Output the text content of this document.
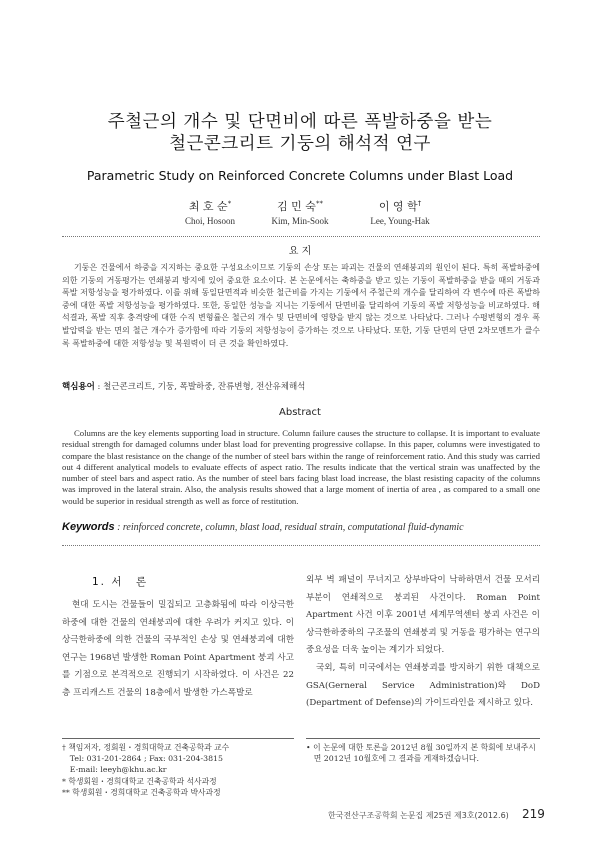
주철근의 개수 및 단면비에 따른 폭발하중을 받는
철근콘크리트 기둥의 해석적 연구
Parametric Study on Reinforced Concrete Columns under Blast Load
최 호 순*
Choi, Hosoon
김 민 숙**
Kim, Min-Sook
이 영 학†
Lee, Young-Hak
요 지
기둥은 건물에서 하중을 지지하는 중요한 구성요소이므로 기둥의 손상 또는 파괴는 건물의 연쇄붕괴의 원인이 된다. 특히 폭발하중에 의한 기둥의 거동평가는 연쇄붕괴 방지에 있어 중요한 요소이다. 본 논문에서는 축하중을 받고 있는 기둥이 폭발하중을 받을 때의 거동과 폭발 저항성능을 평가하였다. 이를 위해 동일단면적과 비슷한 철근비를 가지는 기둥에서 주철근의 개수를 달리하여 각 변수에 따른 폭발하중에 대한 폭발 저항성능을 평가하였다. 또한, 동일한 성능을 지니는 기둥에서 단면비를 달리하여 기둥의 폭발 저항성능을 비교하였다. 해석결과, 폭발 직후 충격량에 대한 수직 변형률은 철근의 개수 및 단면비에 영향을 받지 않는 것으로 나타났다. 그러나 수평변형의 경우 폭발압력을 받는 면의 철근 개수가 증가함에 따라 기둥의 저항성능이 증가하는 것으로 나타났다. 또한, 기둥 단면의 단면 2차모멘트가 클수록 폭발하중에 대한 저항성능 및 복원력이 더 큰 것을 확인하였다.
핵심용어 : 철근콘크리트, 기둥, 폭발하중, 잔류변형, 전산유체해석
Abstract
Columns are the key elements supporting load in structure. Column failure causes the structure to collapse. It is important to evaluate residual strength for damaged columns under blast load for preventing progressive collapse. In this paper, columns were investigated to compare the blast resistance on the change of the number of steel bars within the range of reinforcement ratio. And this study was carried out 4 different analytical models to evaluate effects of aspect ratio. The results indicate that the vertical strain was unaffected by the number of steel bars and aspect ratio. As the number of steel bars facing blast load increase, the blast resisting capacity of the columns was improved in the lateral strain. Also, the analysis results showed that a large moment of inertia of area , as compared to a small one would be superior in residual strength as well as force of restitution.
Keywords : reinforced concrete, column, blast load, residual strain, computational fluid-dynamic
1. 서　론

현대 도시는 건물들이 밀집되고 고층화됨에 따라 이상극한하중에 대한 건물의 연쇄붕괴에 대한 우려가 커지고 있다. 이상극한하중에 의한 건물의 국부적인 손상 및 연쇄붕괴에 대한 연구는 1968년 발생한 Roman Point Apartment 붕괴 사고를 기점으로 본격적으로 진행되기 시작하였다. 이 사건은 22층 프리캐스트 건물의 18층에서 발생한 가스폭발로

외부 벽 패널이 무너지고 상부바닥이 낙하하면서 건물 모서리 부분이 연쇄적으로 붕괴된 사건이다. Roman Point Apartment 사건 이후 2001년 세계무역센터 붕괴 사건은 이상극한하중하의 구조물의 연쇄붕괴 및 거동을 평가하는 연구의 중요성을 더욱 높이는 계기가 되었다.

국외, 특히 미국에서는 연쇄붕괴를 방지하기 위한 대책으로 GSA(Gerneral Service Administration)와 DoD (Department of Defense)의 가이드라인을 제시하고 있다.

† 책임저자, 정회원・경희대학교 건축공학과 교수
　Tel: 031-201-2864 ; Fax: 031-204-3815
　E-mail: leeyh@khu.ac.kr
* 학생회원・경희대학교 건축공학과 석사과정
** 학생회원・경희대학교 건축공학과 박사과정
• 이 논문에 대한 토론을 2012년 8월 30일까지 본 학회에 보내주시
　면 2012년 10월호에 그 결과를 게재하겠습니다.
한국전산구조공학회 논문집 제25권 제3호(2012.6) 219
